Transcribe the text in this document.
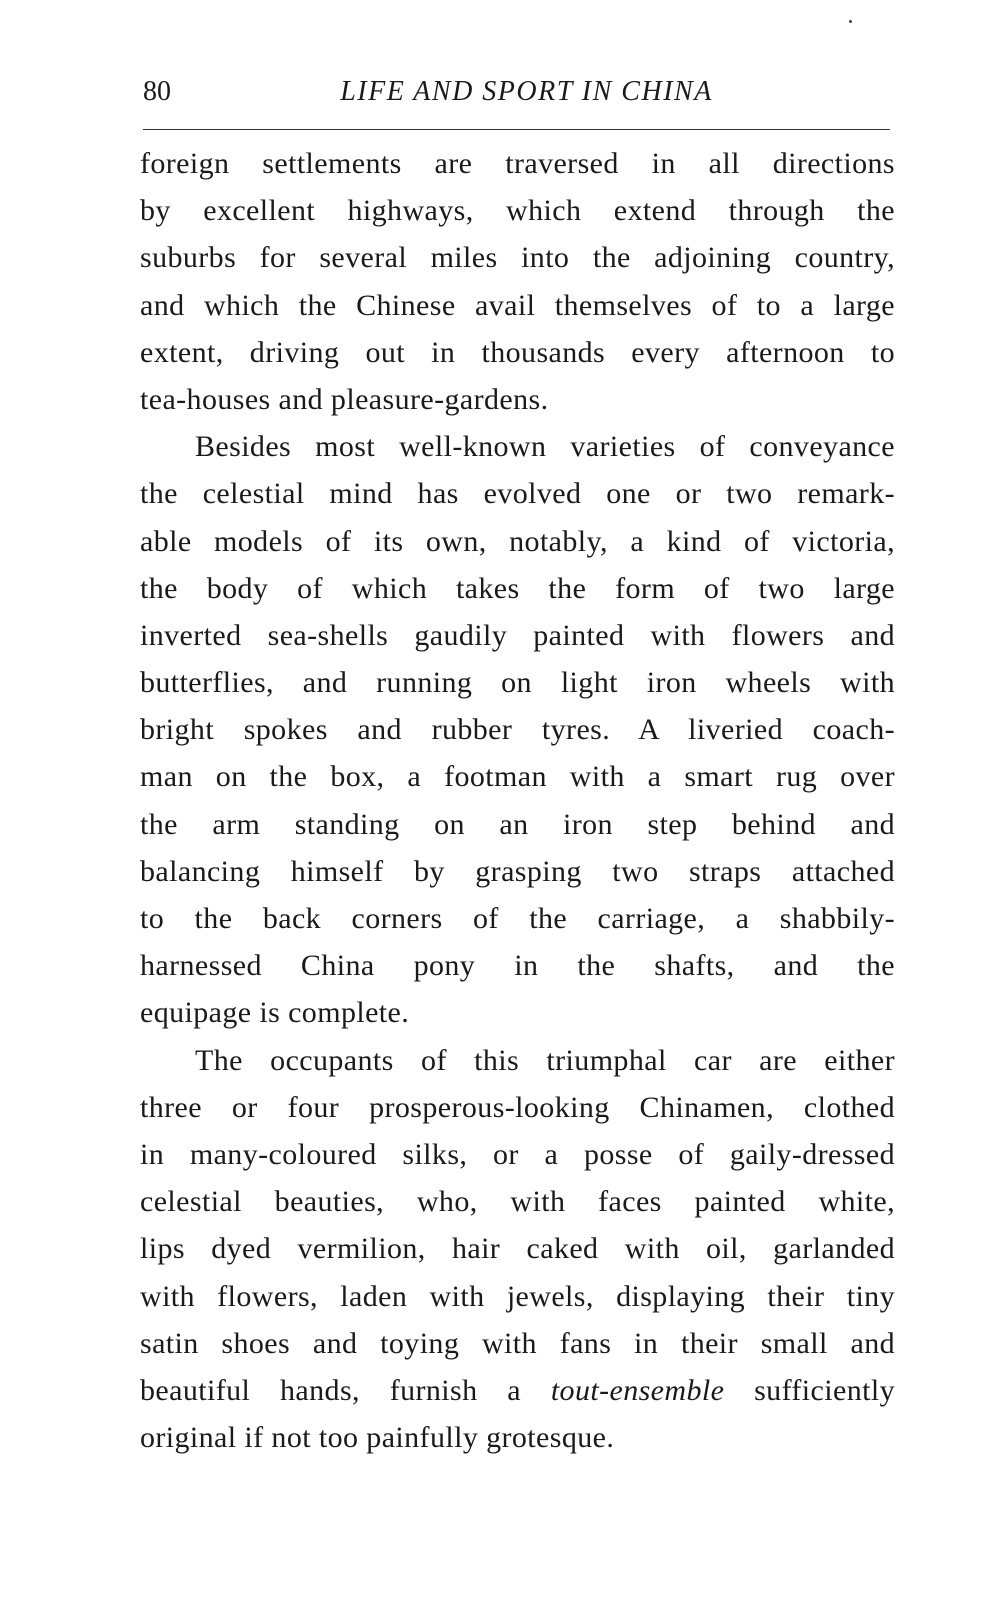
80	LIFE AND SPORT IN CHINA
foreign settlements are traversed in all directions
by excellent highways, which extend through the
suburbs for several miles into the adjoining country,
and which the Chinese avail themselves of to a large
extent, driving out in thousands every afternoon to
tea-houses and pleasure-gardens.
Besides most well-known varieties of conveyance
the celestial mind has evolved one or two remark-
able models of its own, notably, a kind of victoria,
the body of which takes the form of two large
inverted sea-shells gaudily painted with flowers and
butterflies, and running on light iron wheels with
bright spokes and rubber tyres. A liveried coach-
man on the box, a footman with a smart rug over
the arm standing on an iron step behind and
balancing himself by grasping two straps attached
to the back corners of the carriage, a shabbily-
harnessed China pony in the shafts, and the
equipage is complete.
The occupants of this triumphal car are either
three or four prosperous-looking Chinamen, clothed
in many-coloured silks, or a posse of gaily-dressed
celestial beauties, who, with faces painted white,
lips dyed vermilion, hair caked with oil, garlanded
with flowers, laden with jewels, displaying their tiny
satin shoes and toying with fans in their small and
beautiful hands, furnish a tout-ensemble sufficiently
original if not too painfully grotesque.
